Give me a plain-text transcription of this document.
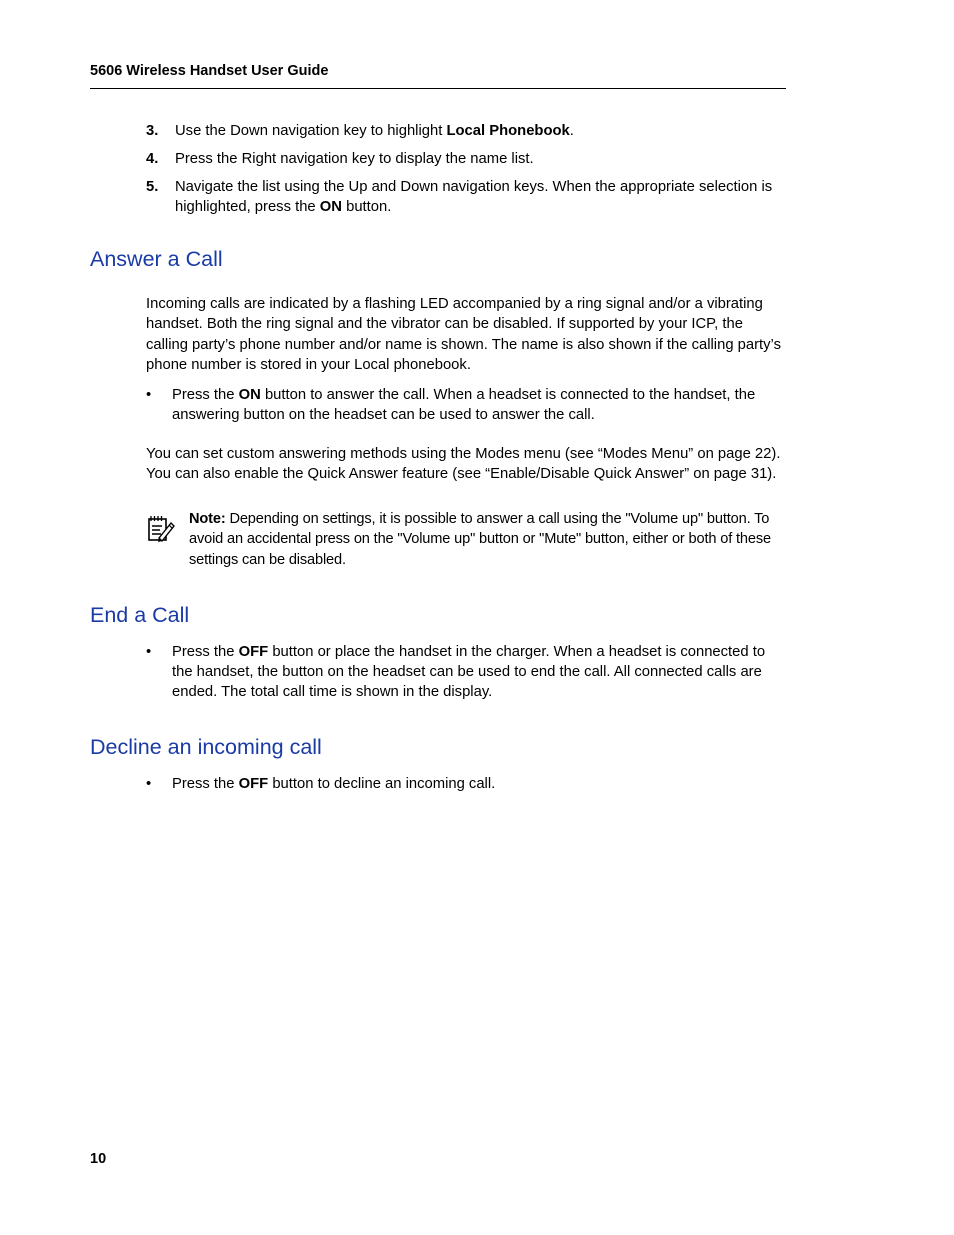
5606 Wireless Handset User Guide
3. Use the Down navigation key to highlight Local Phonebook.
4. Press the Right navigation key to display the name list.
5. Navigate the list using the Up and Down navigation keys. When the appropriate selection is highlighted, press the ON button.
Answer a Call
Incoming calls are indicated by a flashing LED accompanied by a ring signal and/or a vibrating handset. Both the ring signal and the vibrator can be disabled. If supported by your ICP, the calling party’s phone number and/or name is shown. The name is also shown if the calling party’s phone number is stored in your Local phonebook.
• Press the ON button to answer the call. When a headset is connected to the handset, the answering button on the headset can be used to answer the call.
You can set custom answering methods using the Modes menu (see “Modes Menu” on page 22). You can also enable the Quick Answer feature (see “Enable/Disable Quick Answer” on page 31).
Note: Depending on settings, it is possible to answer a call using the "Volume up" button. To avoid an accidental press on the "Volume up" button or "Mute" button, either or both of these settings can be disabled.
End a Call
• Press the OFF button or place the handset in the charger. When a headset is connected to the handset, the button on the headset can be used to end the call. All connected calls are ended. The total call time is shown in the display.
Decline an incoming call
• Press the OFF button to decline an incoming call.
10
